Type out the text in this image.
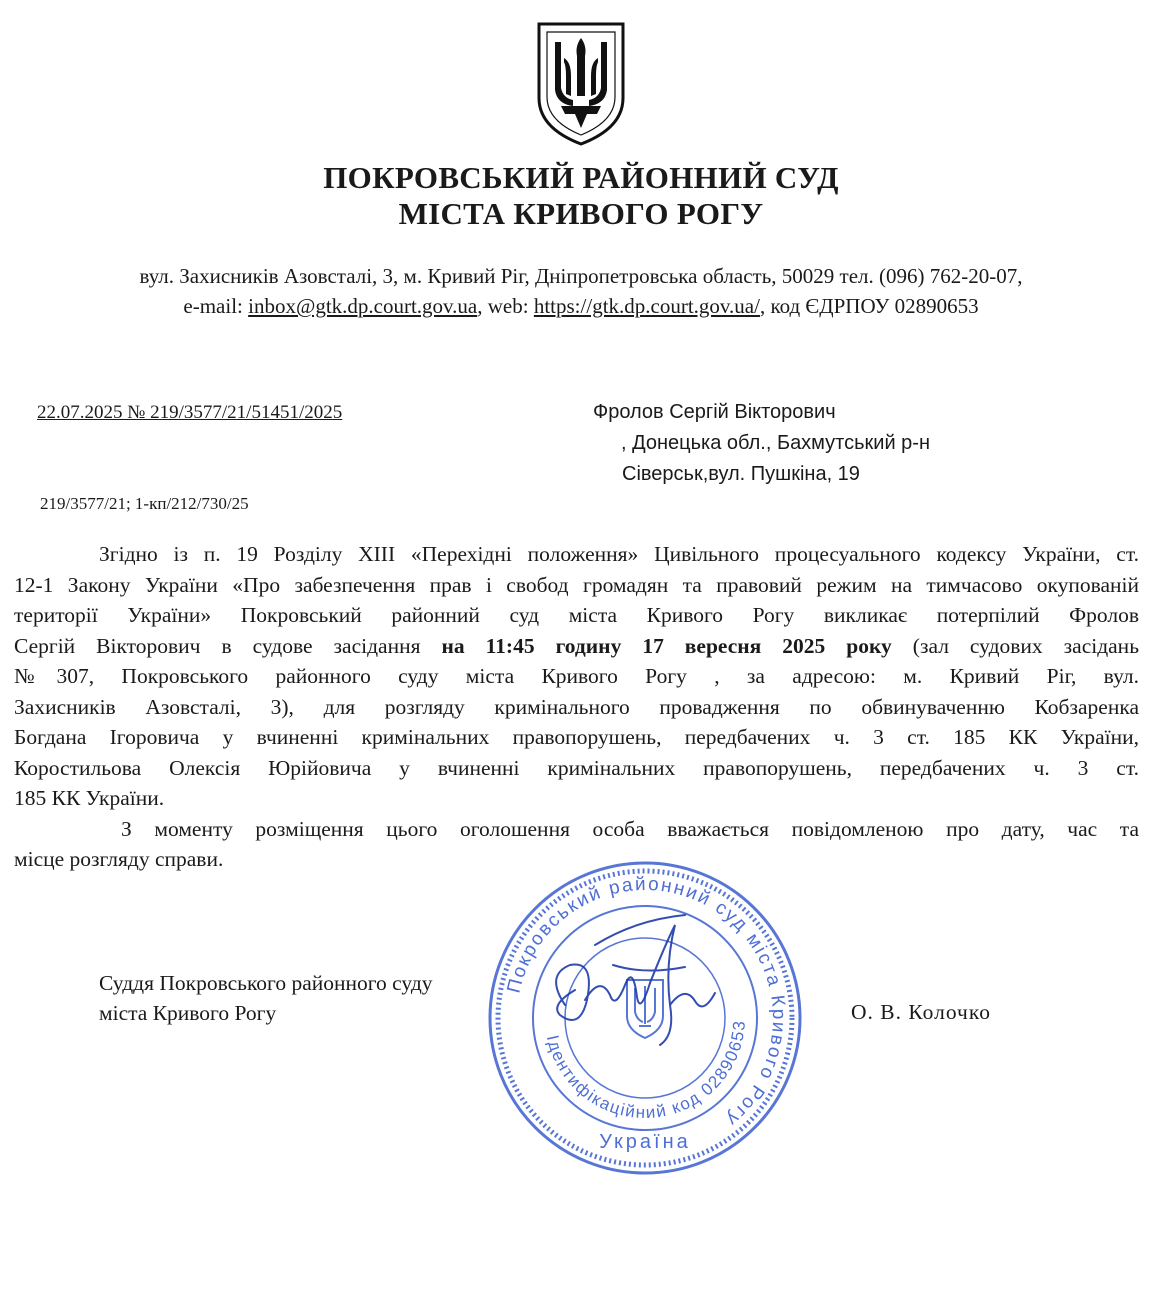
ПОКРОВСЬКИЙ РАЙОННИЙ СУД
МІСТА КРИВОГО РОГУ
вул. Захисників Азовсталі, 3, м. Кривий Ріг, Дніпропетровська область, 50029 тел. (096) 762-20-07,
e-mail: inbox@gtk.dp.court.gov.ua, web: https://gtk.dp.court.gov.ua/, код ЄДРПОУ 02890653
22.07.2025 № 219/3577/21/51451/2025	Фролов Сергій Вікторович
, Донецька обл., Бахмутський р-н
Сіверськ,вул. Пушкіна, 19
219/3577/21; 1-кп/212/730/25
Згідно із п. 19 Розділу XIII «Перехідні положення» Цивільного процесуального кодексу України, ст.
12-1 Закону України «Про забезпечення прав і свобод громадян та правовий режим на тимчасово окупованій
території України» Покровський районний суд міста Кривого Рогу викликає потерпілий Фролов
Сергій Вікторович в судове засідання на 11:45 годину 17 вересня 2025 року (зал судових засідань
№307, Покровського районного суду міста Кривого Рогу , за адресою: м. Кривий Ріг, вул.
Захисників Азовсталі, 3), для розгляду кримінального провадження по обвинуваченню Кобзаренка
Богдана Ігоровича у вчиненні кримінальних правопорушень, передбачених ч. 3 ст. 185 КК України,
Коростильова Олексія Юрійовича у вчиненні кримінальних правопорушень, передбачених ч. 3 ст.
185 КК України.
З моменту розміщення цього оголошення особа вважається повідомленою про дату, час та
місце розгляду справи.
Суддя Покровського районного суду
міста Кривого Рогу	О. В. Колочко
Покровський районний суд міста Кривого Рогу
Ідентифікаційний код 02890653
Україна
